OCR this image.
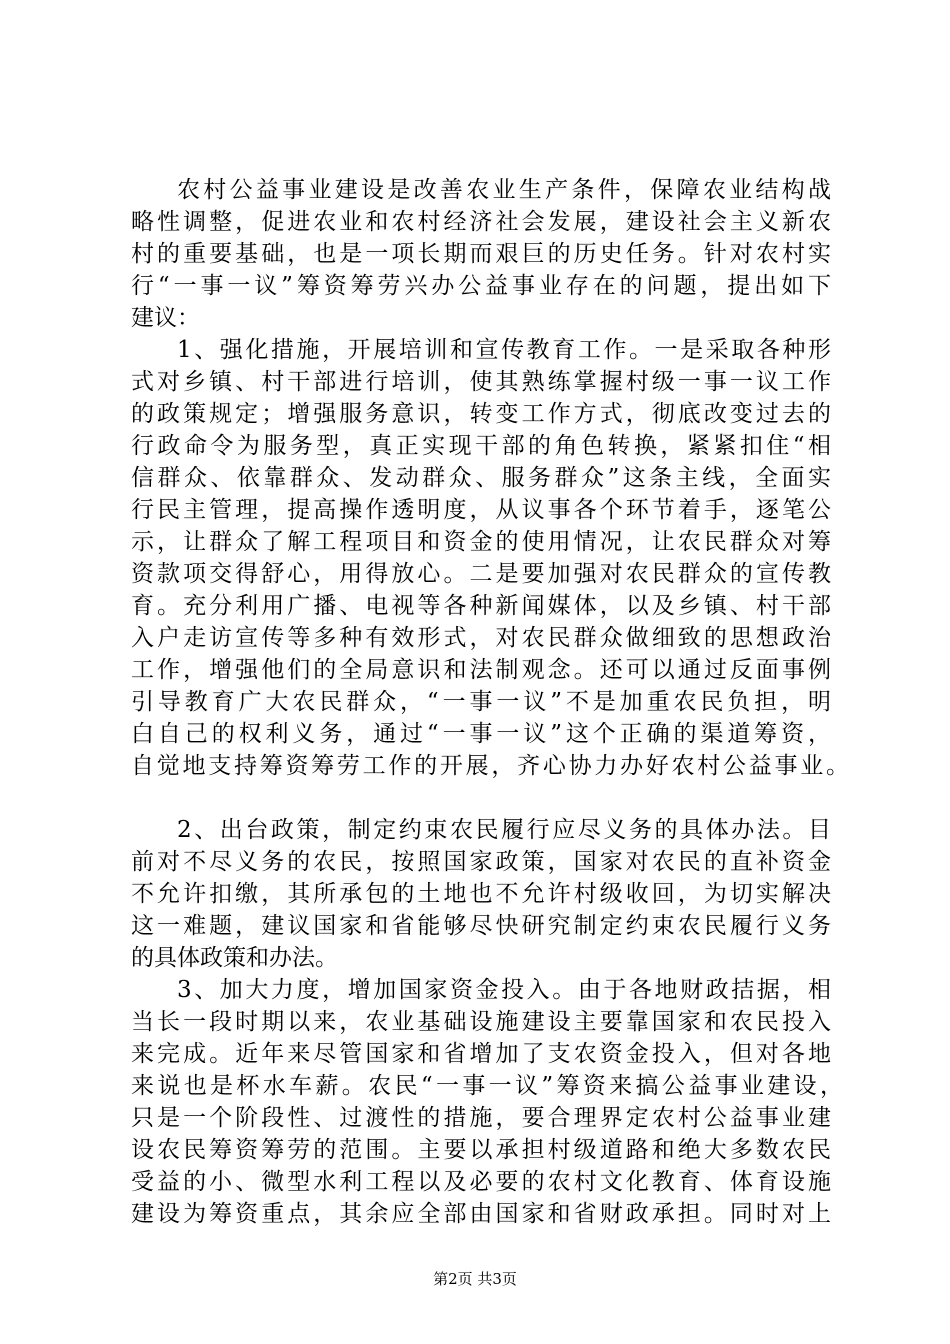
农村公益事业建设是改善农业生产条件，保障农业结构战
略性调整，促进农业和农村经济社会发展，建设社会主义新农
村的重要基础，也是一项长期而艰巨的历史任务。针对农村实
行“一事一议”筹资筹劳兴办公益事业存在的问题，提出如下
建议：
1、强化措施，开展培训和宣传教育工作。一是采取各种形
式对乡镇、村干部进行培训，使其熟练掌握村级一事一议工作
的政策规定；增强服务意识，转变工作方式，彻底改变过去的
行政命令为服务型，真正实现干部的角色转换，紧紧扣住“相
信群众、依靠群众、发动群众、服务群众”这条主线，全面实
行民主管理，提高操作透明度，从议事各个环节着手，逐笔公
示，让群众了解工程项目和资金的使用情况，让农民群众对筹
资款项交得舒心，用得放心。二是要加强对农民群众的宣传教
育。充分利用广播、电视等各种新闻媒体，以及乡镇、村干部
入户走访宣传等多种有效形式，对农民群众做细致的思想政治
工作，增强他们的全局意识和法制观念。还可以通过反面事例
引导教育广大农民群众，“一事一议”不是加重农民负担，明
白自己的权利义务，通过“一事一议”这个正确的渠道筹资，
自觉地支持筹资筹劳工作的开展，齐心协力办好农村公益事业。
2、出台政策，制定约束农民履行应尽义务的具体办法。目
前对不尽义务的农民，按照国家政策，国家对农民的直补资金
不允许扣缴，其所承包的土地也不允许村级收回，为切实解决
这一难题，建议国家和省能够尽快研究制定约束农民履行义务
的具体政策和办法。
3、加大力度，增加国家资金投入。由于各地财政拮据，相
当长一段时期以来，农业基础设施建设主要靠国家和农民投入
来完成。近年来尽管国家和省增加了支农资金投入，但对各地
来说也是杯水车薪。农民“一事一议”筹资来搞公益事业建设，
只是一个阶段性、过渡性的措施，要合理界定农村公益事业建
设农民筹资筹劳的范围。主要以承担村级道路和绝大多数农民
受益的小、微型水利工程以及必要的农村文化教育、体育设施
建设为筹资重点，其余应全部由国家和省财政承担。同时对上
第2页 共3页
